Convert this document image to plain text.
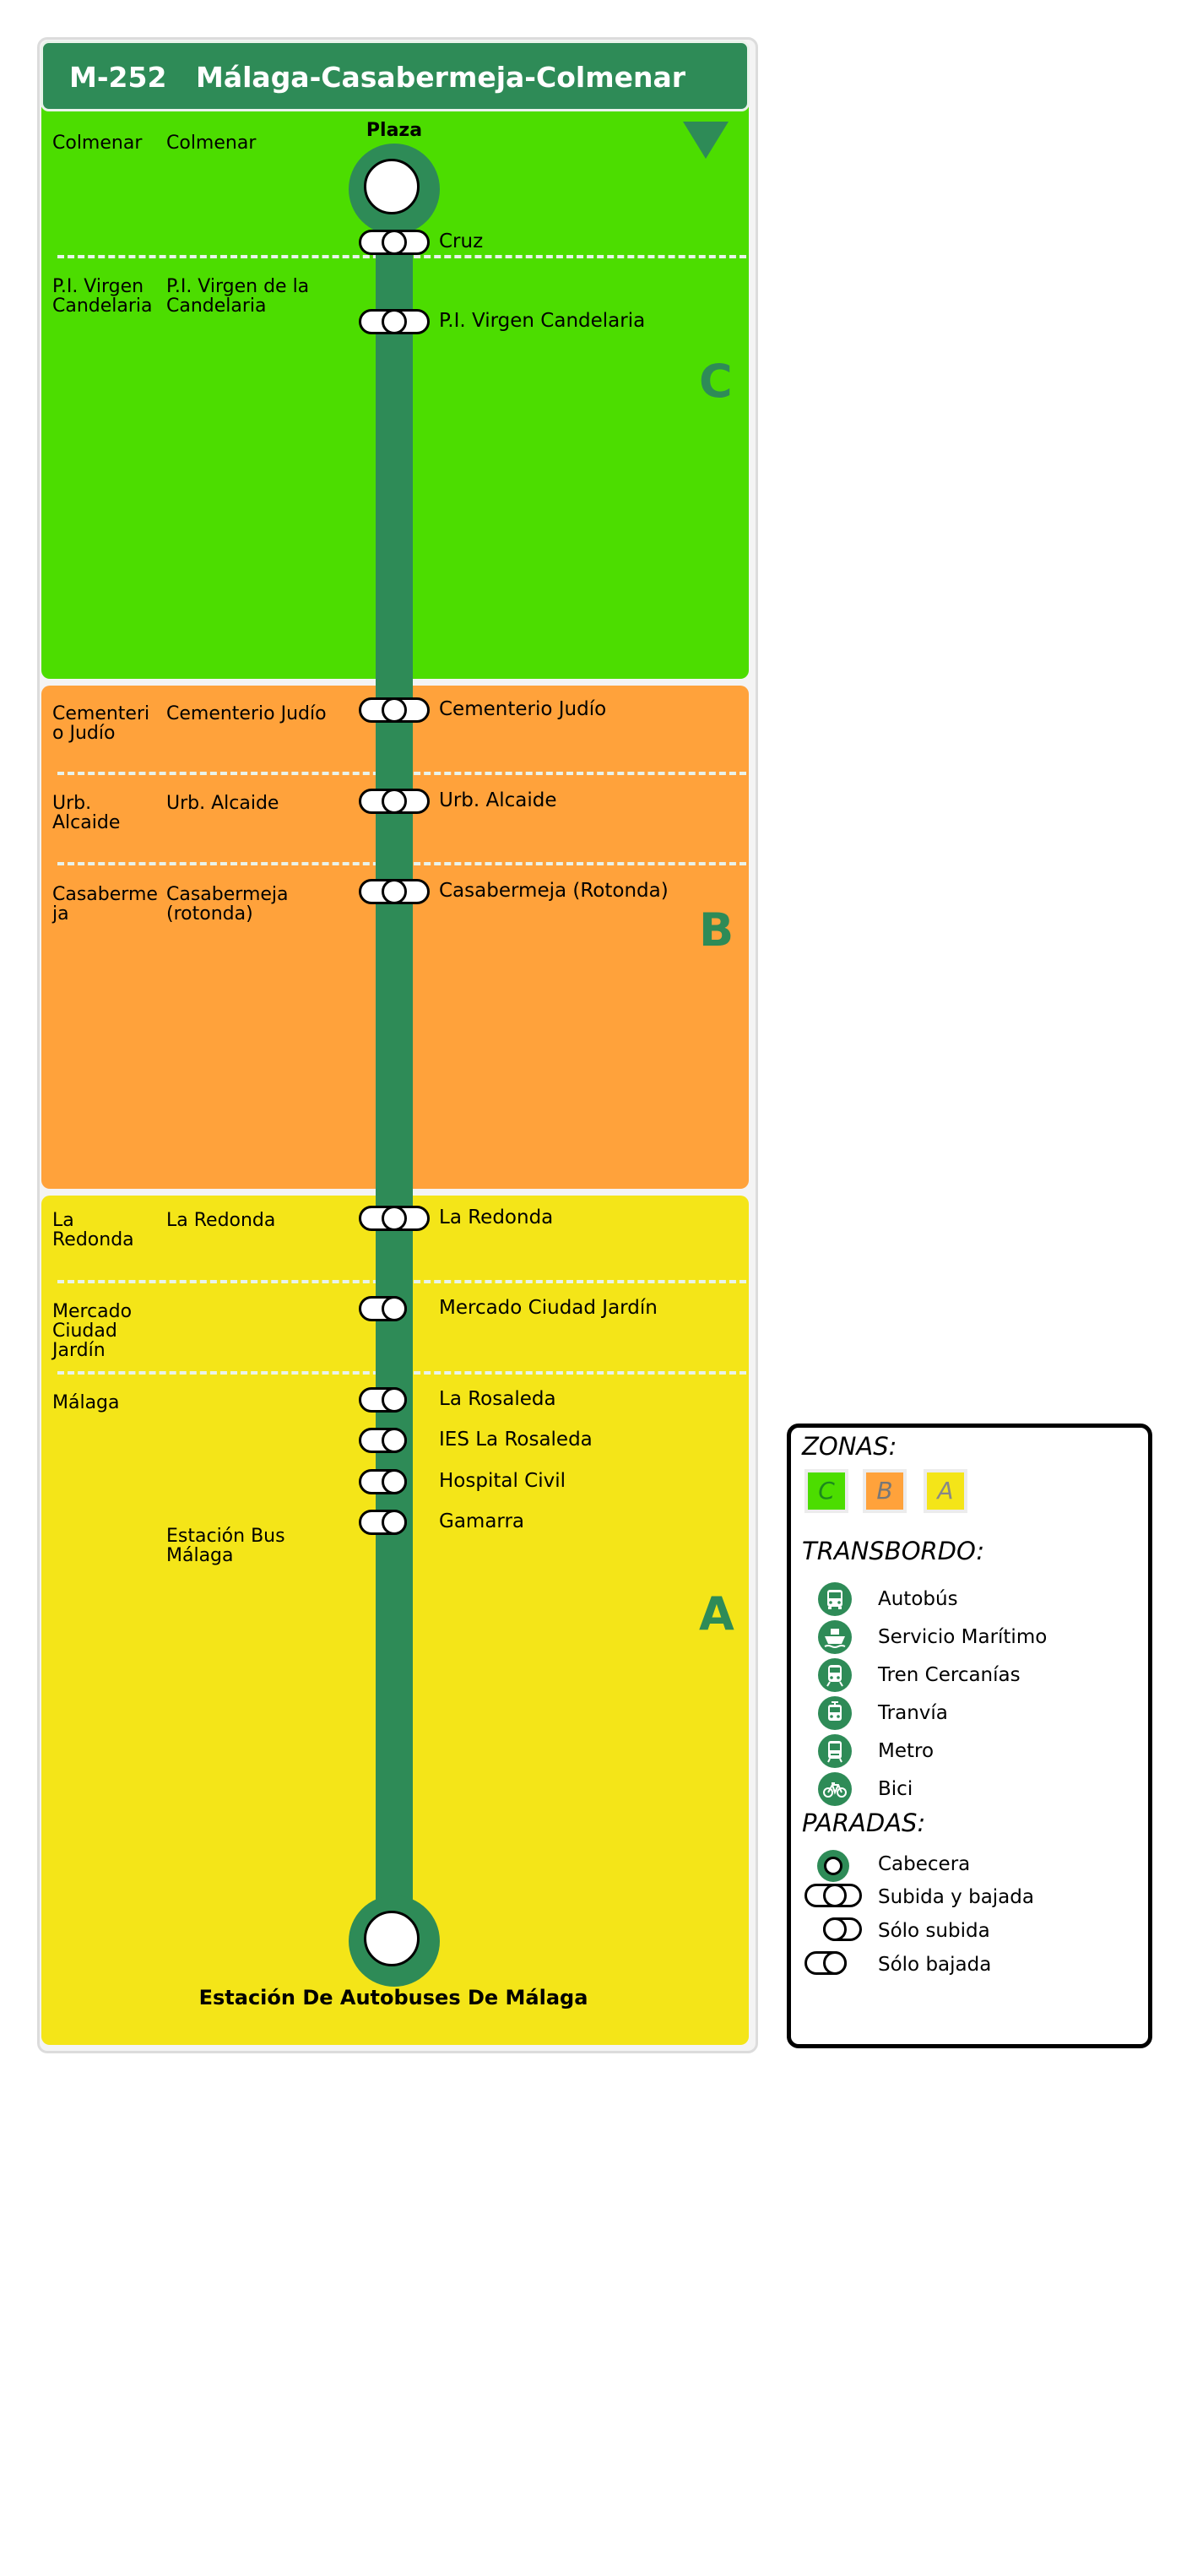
M-252 Málaga-Casabermeja-Colmenar
C
B
A
Colmenar
P.I. Virgen Candelaria
Cementerio Judío
Urb. Alcaide
Casabermeja
La Redonda
Mercado Ciudad Jardín
Málaga
Colmenar
P.I. Virgen de la Candelaria
Cementerio Judío
Urb. Alcaide
Casabermeja (rotonda)
La Redonda
Estación Bus Málaga
Plaza
Estación De Autobuses De Málaga
Cruz
P.I. Virgen Candelaria
Cementerio Judío
Urb. Alcaide
Casabermeja (Rotonda)
La Redonda
Mercado Ciudad Jardín
La Rosaleda
IES La Rosaleda
Hospital Civil
Gamarra
ZONAS:
C	B	A
TRANSBORDO:
Autobús
Servicio Marítimo
Tren Cercanías
Tranvía
Metro
Bici
PARADAS:
Cabecera
Subida y bajada
Sólo subida
Sólo bajada
